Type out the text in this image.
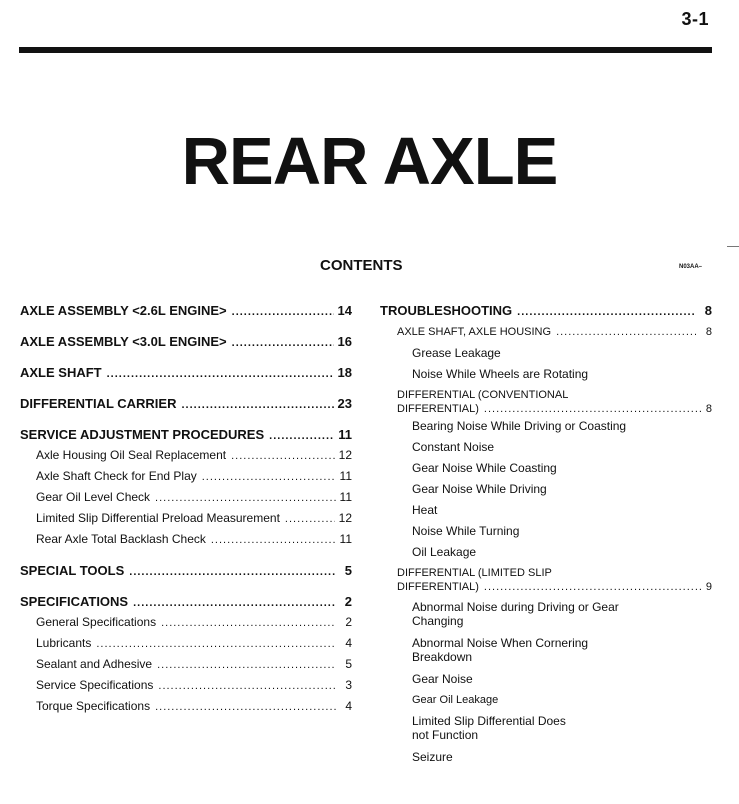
3-1
REAR AXLE
CONTENTS	N03AA–
AXLE ASSEMBLY <2.6L ENGINE> .....	14
AXLE ASSEMBLY <3.0L ENGINE> .....	16
AXLE SHAFT .....	18
DIFFERENTIAL CARRIER .....	23
SERVICE ADJUSTMENT PROCEDURES .....	11
Axle Housing Oil Seal Replacement .....	12
Axle Shaft Check for End Play .....	11
Gear Oil Level Check .....	11
Limited Slip Differential Preload Measurement .....	12
Rear Axle Total Backlash Check .....	11
SPECIAL TOOLS .....	5
SPECIFICATIONS .....	2
General Specifications .....	2
Lubricants .....	4
Sealant and Adhesive .....	5
Service Specifications .....	3
Torque Specifications .....	4
TROUBLESHOOTING .....	8
AXLE SHAFT, AXLE HOUSING .....	8
Grease Leakage
Noise While Wheels are Rotating
DIFFERENTIAL (CONVENTIONAL
DIFFERENTIAL) .....	8
Bearing Noise While Driving or Coasting
Constant Noise
Gear Noise While Coasting
Gear Noise While Driving
Heat
Noise While Turning
Oil Leakage
DIFFERENTIAL (LIMITED SLIP
DIFFERENTIAL) .....	9
Abnormal Noise during Driving or Gear
Changing
Abnormal Noise When Cornering
Breakdown
Gear Noise
Gear Oil Leakage
Limited Slip Differential Does
not Function
Seizure
